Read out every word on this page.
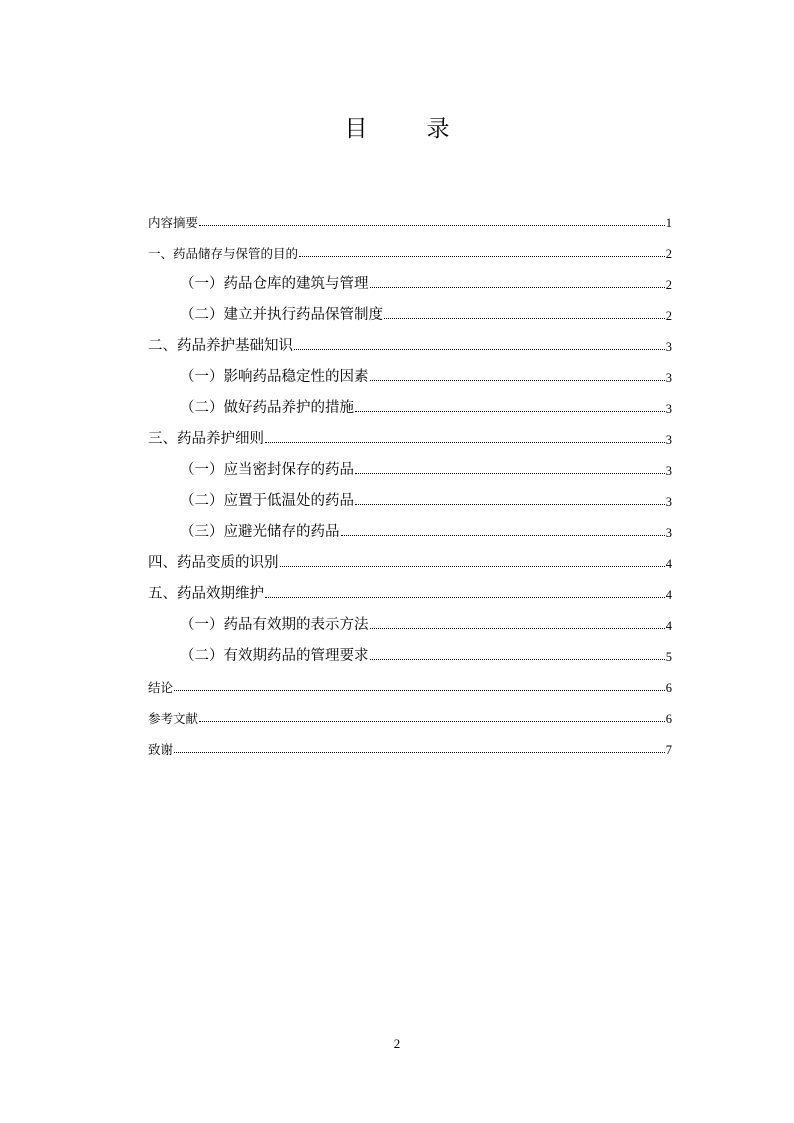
目　录
内容摘要	1
一、药品储存与保管的目的	2
（一）药品仓库的建筑与管理	2
（二）建立并执行药品保管制度	2
二、药品养护基础知识	3
（一）影响药品稳定性的因素	3
（二）做好药品养护的措施	3
三、药品养护细则	3
（一）应当密封保存的药品	3
（二）应置于低温处的药品	3
（三）应避光储存的药品	3
四、药品变质的识别	4
五、药品效期维护	4
（一）药品有效期的表示方法	4
（二）有效期药品的管理要求	5
结论	6
参考文献	6
致谢	7
2
